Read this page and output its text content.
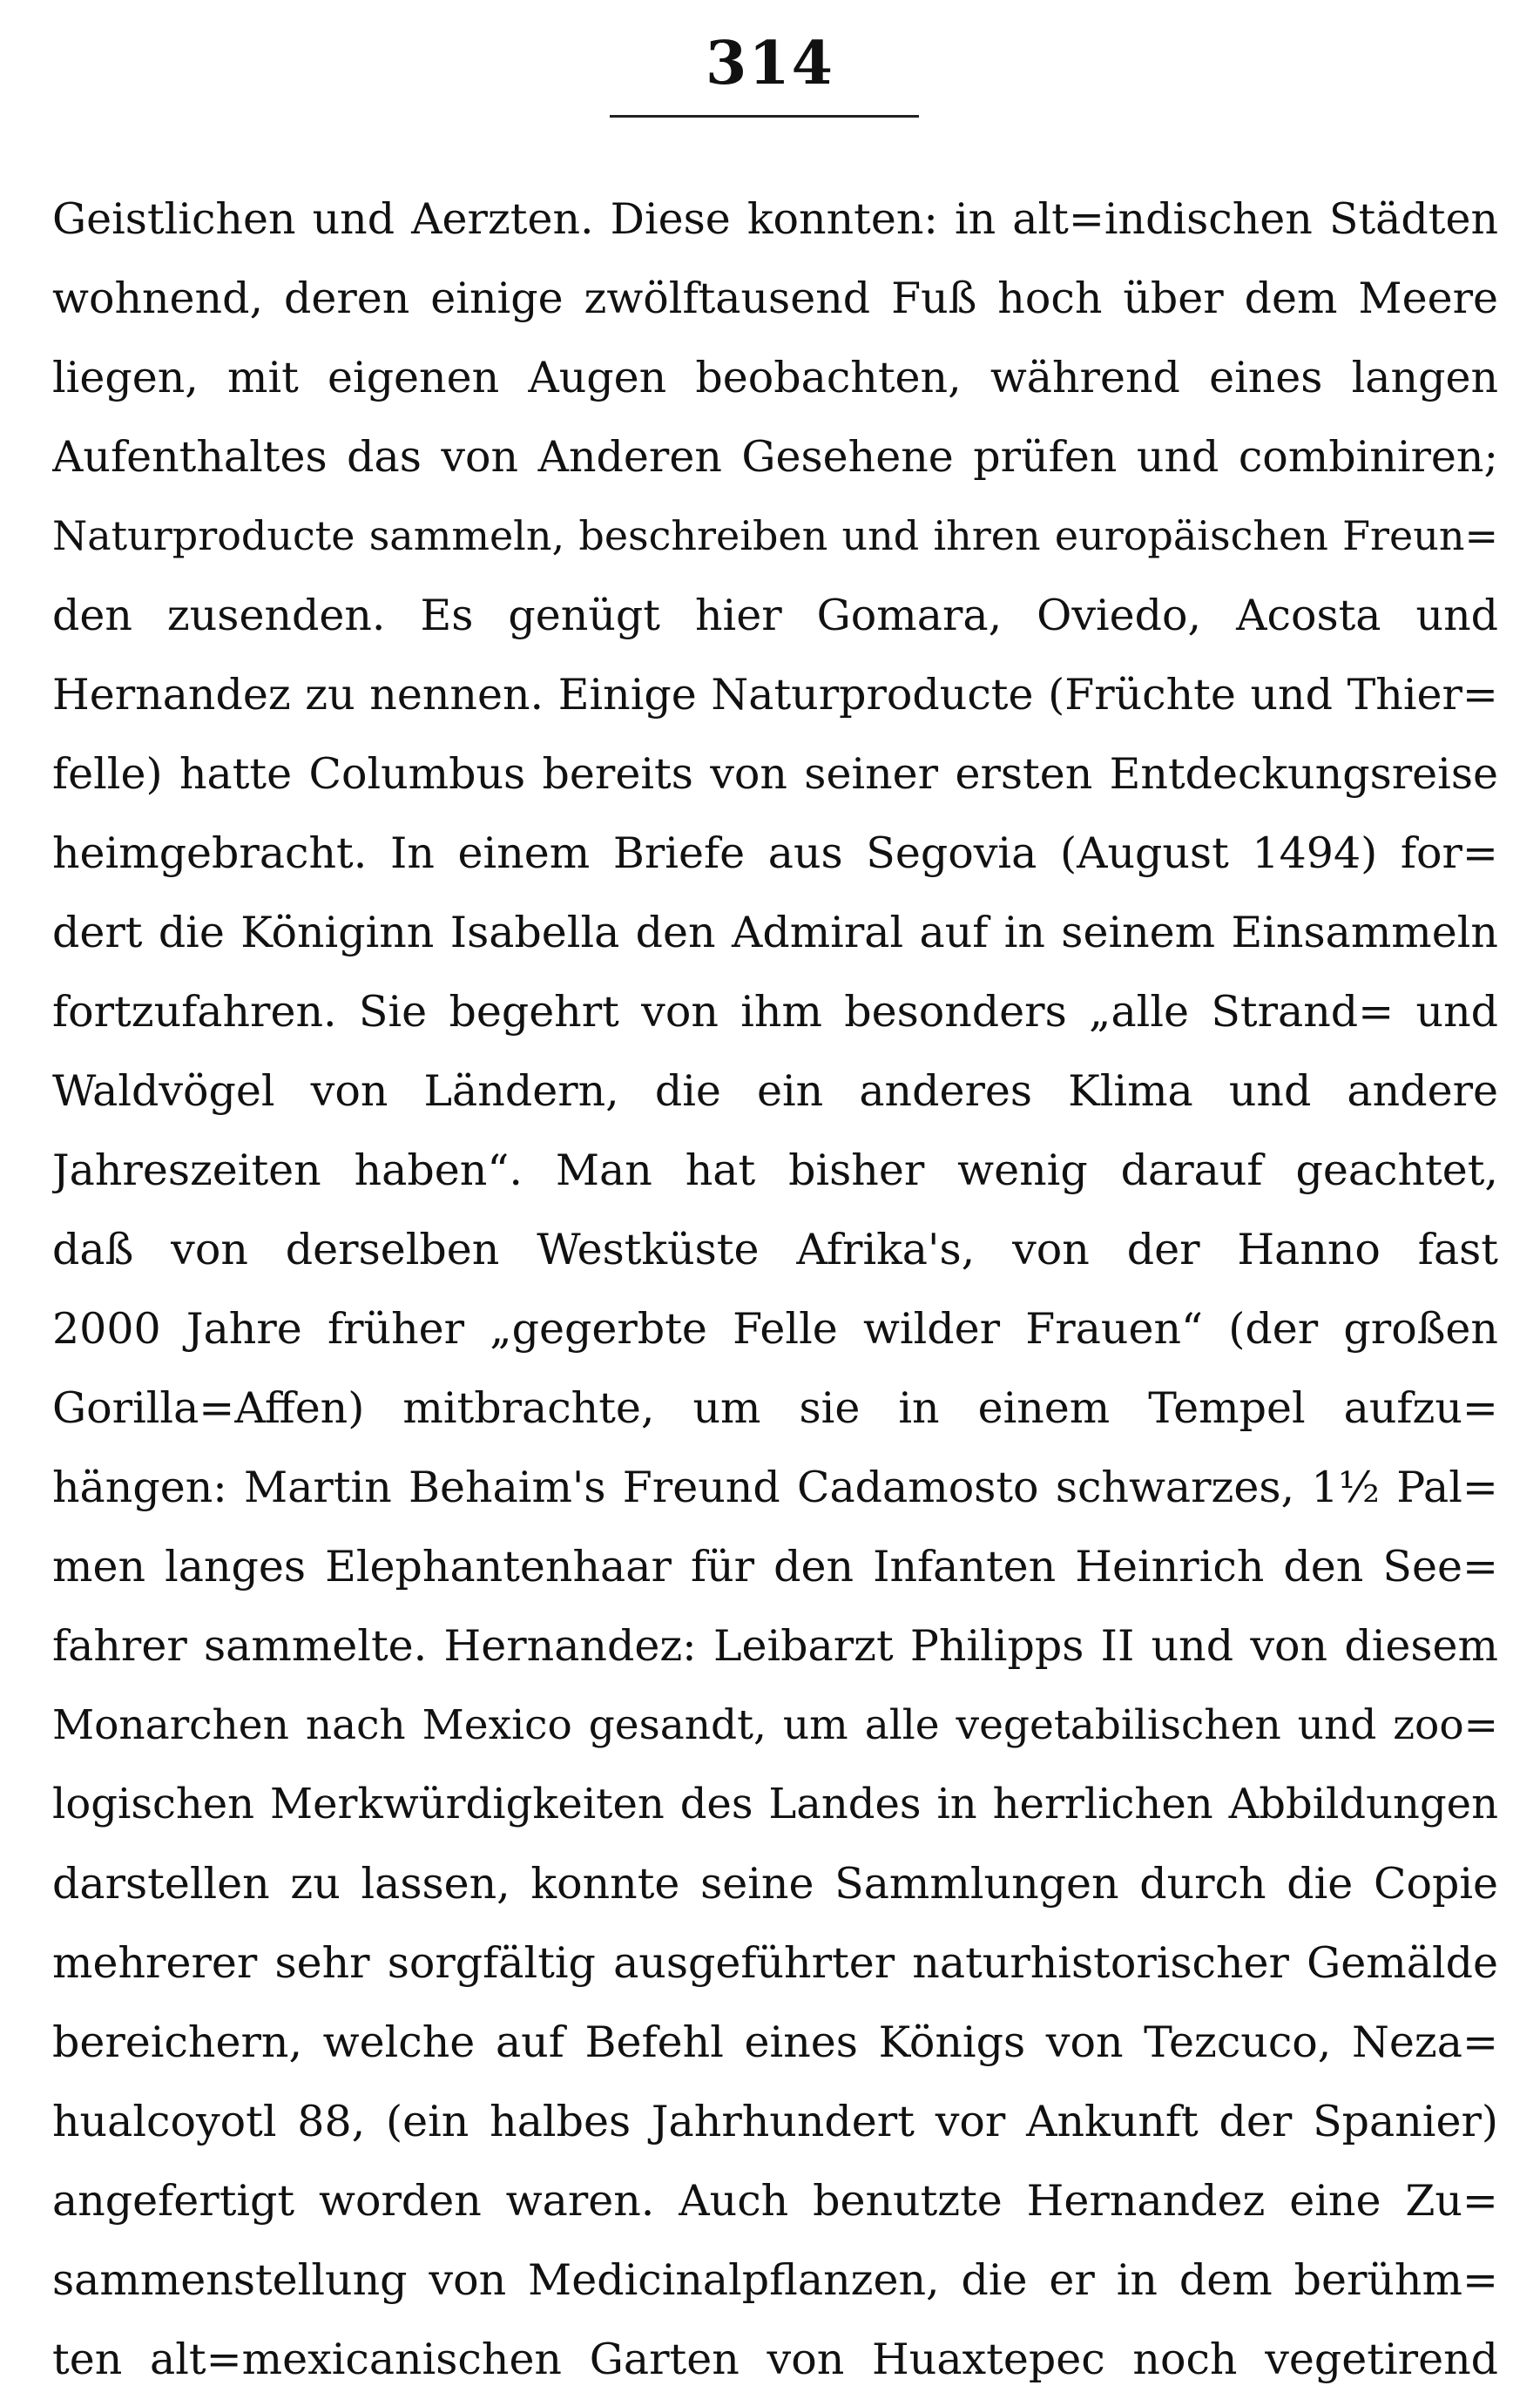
314
Geistlichen und Aerzten. Diese konnten: in alt=indischen Städten
wohnend, deren einige zwölftausend Fuß hoch über dem Meere
liegen, mit eigenen Augen beobachten, während eines langen
Aufenthaltes das von Anderen Gesehene prüfen und combiniren;
Naturproducte sammeln, beschreiben und ihren europäischen Freun=
den zusenden. Es genügt hier Gomara, Oviedo, Acosta und
Hernandez zu nennen. Einige Naturproducte (Früchte und Thier=
felle) hatte Columbus bereits von seiner ersten Entdeckungsreise
heimgebracht. In einem Briefe aus Segovia (August 1494) for=
dert die Königinn Isabella den Admiral auf in seinem Einsammeln
fortzufahren. Sie begehrt von ihm besonders „alle Strand= und
Waldvögel von Ländern, die ein anderes Klima und andere
Jahreszeiten haben“. Man hat bisher wenig darauf geachtet,
daß von derselben Westküste Afrika's, von der Hanno fast
2000 Jahre früher „gegerbte Felle wilder Frauen“ (der großen
Gorilla=Affen) mitbrachte, um sie in einem Tempel aufzu=
hängen: Martin Behaim's Freund Cadamosto schwarzes, 1½ Pal=
men langes Elephantenhaar für den Infanten Heinrich den See=
fahrer sammelte. Hernandez: Leibarzt Philipps II und von diesem
Monarchen nach Mexico gesandt, um alle vegetabilischen und zoo=
logischen Merkwürdigkeiten des Landes in herrlichen Abbildungen
darstellen zu lassen, konnte seine Sammlungen durch die Copie
mehrerer sehr sorgfältig ausgeführter naturhistorischer Gemälde
bereichern, welche auf Befehl eines Königs von Tezcuco, Neza=
hualcoyotl 88, (ein halbes Jahrhundert vor Ankunft der Spanier)
angefertigt worden waren. Auch benutzte Hernandez eine Zu=
sammenstellung von Medicinalpflanzen, die er in dem berühm=
ten alt=mexicanischen Garten von Huaxtepec noch vegetirend
